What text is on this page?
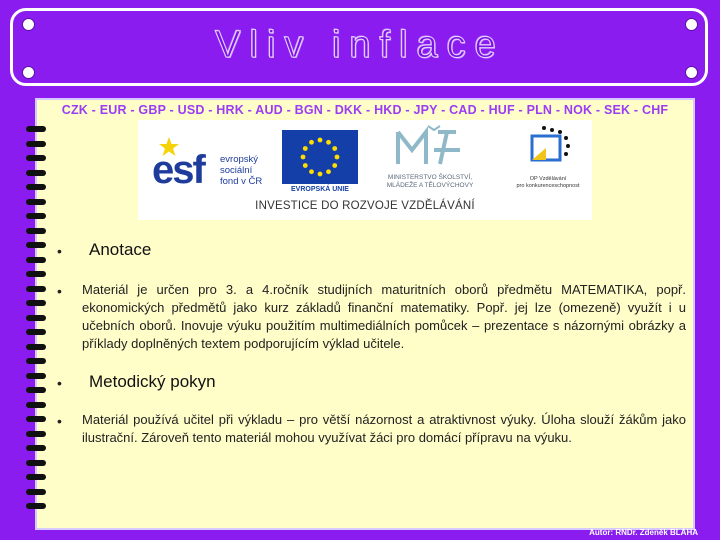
Vliv inflace
CZK - EUR - GBP - USD - HRK - AUD - BGN - DKK - HKD - JPY - CAD - HUF - PLN - NOK - SEK - CHF
esf evropský
sociální
fond v ČR
EVROPSKÁ UNIE
MINISTERSTVO ŠKOLSTVÍ,
MLÁDEŽE A TĚLOVÝCHOVY
OP Vzdělávání
pro konkurenceschopnost
INVESTICE DO ROZVOJE VZDĚLÁVÁNÍ
• Anotace
• Materiál je určen pro 3. a 4.ročník studijních maturitních oborů předmětu MATEMATIKA, popř. ekonomických předmětů jako kurz základů finanční matematiky. Popř. jej lze (omezeně) využít i u učebních oborů. Inovuje výuku použitím multimediálních pomůcek – prezentace s názornými obrázky a příklady doplněných textem podporujícím výklad učitele.
• Metodický pokyn
• Materiál používá učitel při výkladu – pro větší názornost a atraktivnost výuky. Úloha slouží žákům jako ilustrační. Zároveň tento materiál mohou využívat žáci pro domácí přípravu na výuku.
Autor: RNDr. Zdeněk BLÁHA
